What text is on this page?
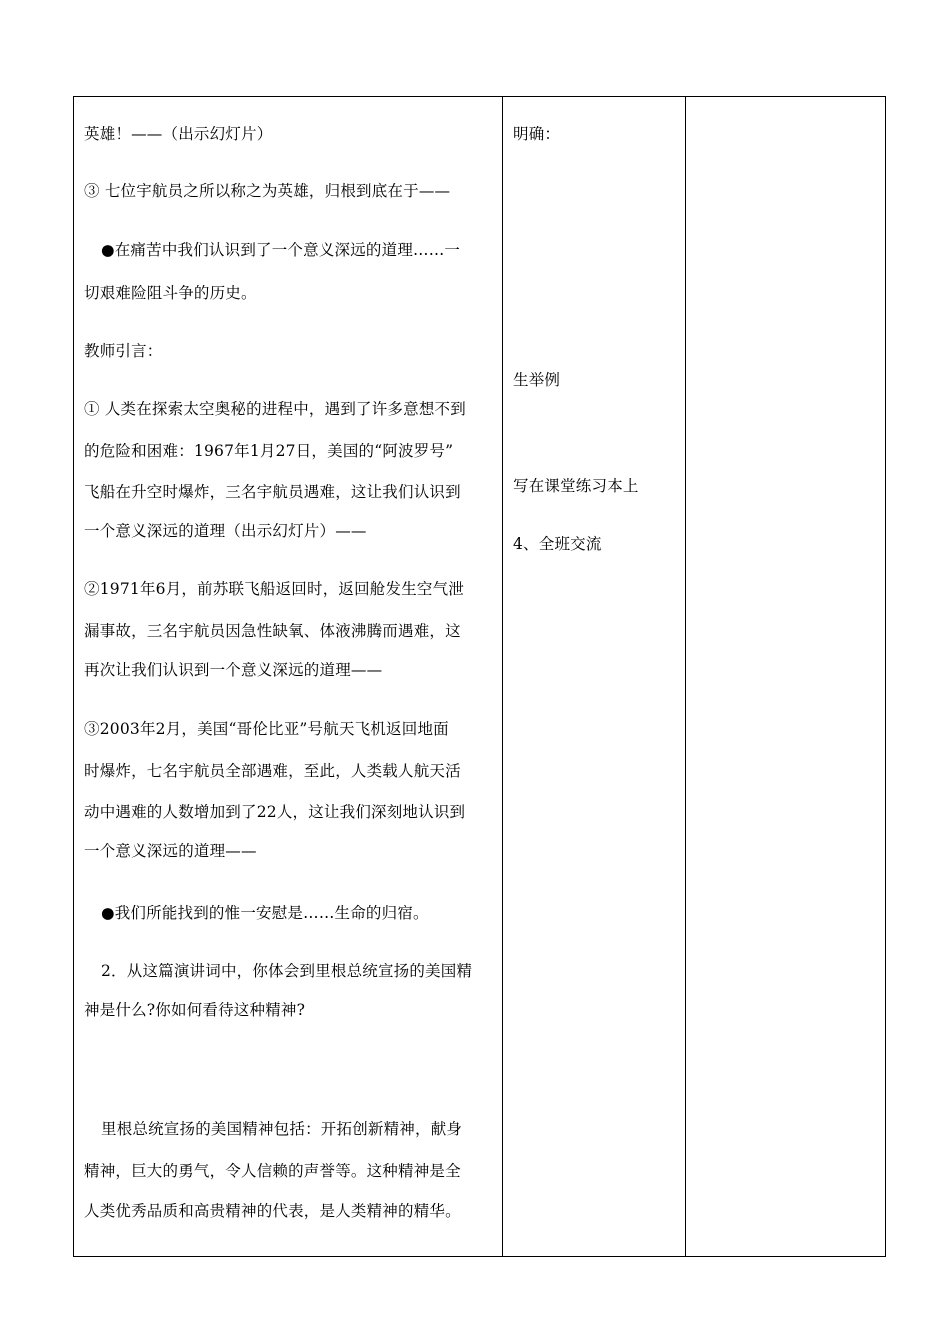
英雄！——（出示幻灯片）

③ 七位宇航员之所以称之为英雄，归根到底在于——

●在痛苦中我们认识到了一个意义深远的道理……一

切艰难险阻斗争的历史。

教师引言：

① 人类在探索太空奥秘的进程中，遇到了许多意想不到

的危险和困难：1967年1月27日，美国的“阿波罗号”

飞船在升空时爆炸，三名宇航员遇难，这让我们认识到

一个意义深远的道理（出示幻灯片）——

②1971年6月，前苏联飞船返回时，返回舱发生空气泄

漏事故，三名宇航员因急性缺氧、体液沸腾而遇难，这

再次让我们认识到一个意义深远的道理——

③2003年2月，美国“哥伦比亚”号航天飞机返回地面

时爆炸，七名宇航员全部遇难，至此，人类载人航天活

动中遇难的人数增加到了22人，这让我们深刻地认识到

一个意义深远的道理——

●我们所能找到的惟一安慰是……生命的归宿。

2．从这篇演讲词中，你体会到里根总统宣扬的美国精

神是什么?你如何看待这种精神?

里根总统宣扬的美国精神包括：开拓创新精神，献身

精神，巨大的勇气，令人信赖的声誉等。这种精神是全

人类优秀品质和高贵精神的代表，是人类精神的精华。

明确：

生举例

写在课堂练习本上

4、全班交流
